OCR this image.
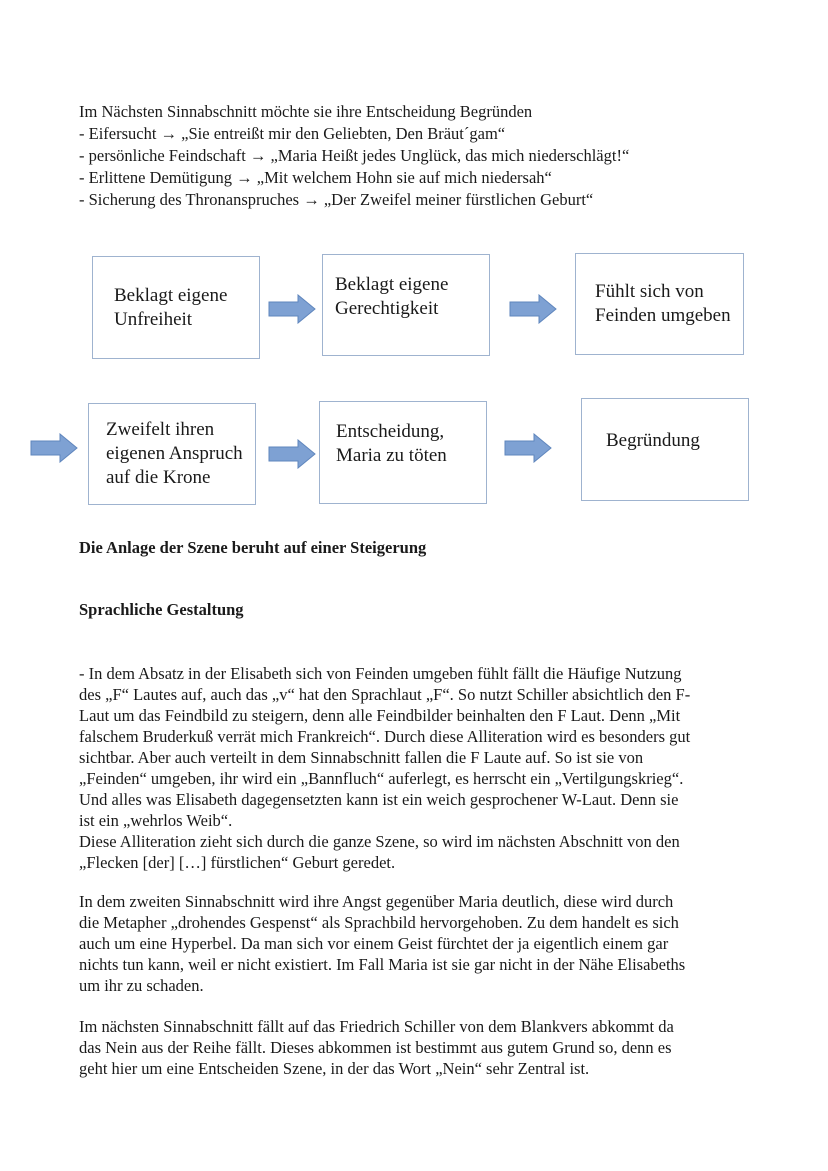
Im Nächsten Sinnabschnitt möchte sie ihre Entscheidung Begründen
- Eifersucht → „Sie entreißt mir den Geliebten, Den Bräut´gam“
- persönliche Feindschaft → „Maria Heißt jedes Unglück, das mich niederschlägt!“
- Erlittene Demütigung → „Mit welchem Hohn sie auf mich niedersah“
- Sicherung des Thronanspruches → „Der Zweifel meiner fürstlichen Geburt“
Beklagt eigene Unfreiheit
Beklagt eigene Gerechtigkeit
Fühlt sich von Feinden umgeben
Zweifelt ihren eigenen Anspruch auf die Krone
Entscheidung, Maria zu töten
Begründung
Die Anlage der Szene beruht auf einer Steigerung
Sprachliche Gestaltung

- In dem Absatz in der Elisabeth sich von Feinden umgeben fühlt fällt die Häufige Nutzung
des „F“ Lautes auf, auch das „v“ hat den Sprachlaut „F“. So nutzt Schiller absichtlich den F-
Laut um das Feindbild zu steigern, denn alle Feindbilder beinhalten den F Laut. Denn „Mit
falschem Bruderkuß verrät mich Frankreich“. Durch diese Alliteration wird es besonders gut
sichtbar. Aber auch verteilt in dem Sinnabschnitt fallen die F Laute auf. So ist sie von
„Feinden“ umgeben, ihr wird ein „Bannfluch“ auferlegt, es herrscht ein „Vertilgungskrieg“.
Und alles was Elisabeth dagegensetzten kann ist ein weich gesprochener W-Laut. Denn sie
ist ein „wehrlos Weib“.
Diese Alliteration zieht sich durch die ganze Szene, so wird im nächsten Abschnitt von den
„Flecken [der] […] fürstlichen“ Geburt geredet.

In dem zweiten Sinnabschnitt wird ihre Angst gegenüber Maria deutlich, diese wird durch
die Metapher „drohendes Gespenst“ als Sprachbild hervorgehoben. Zu dem handelt es sich
auch um eine Hyperbel. Da man sich vor einem Geist fürchtet der ja eigentlich einem gar
nichts tun kann, weil er nicht existiert. Im Fall Maria ist sie gar nicht in der Nähe Elisabeths
um ihr zu schaden.

Im nächsten Sinnabschnitt fällt auf das Friedrich Schiller von dem Blankvers abkommt da
das Nein aus der Reihe fällt. Dieses abkommen ist bestimmt aus gutem Grund so, denn es
geht hier um eine Entscheiden Szene, in der das Wort „Nein“ sehr Zentral ist.
